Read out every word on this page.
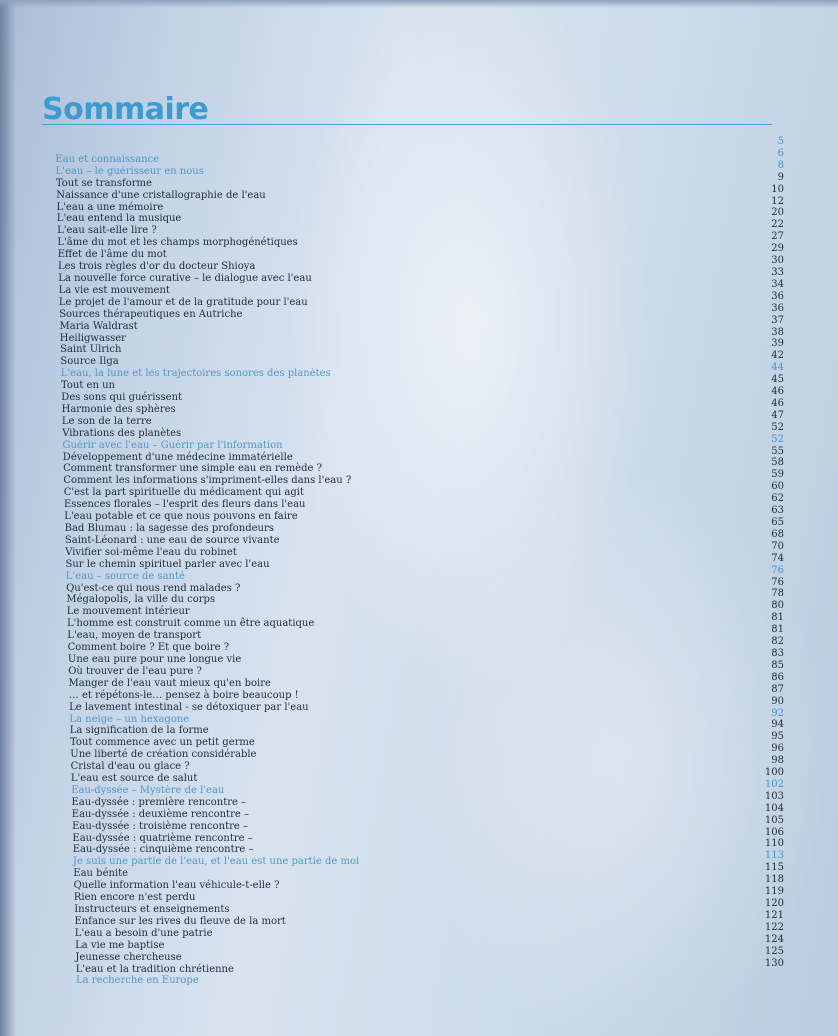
Sommaire
5
Eau et connaissance
6
L'eau – le guérisseur en nous
8
Tout se transforme
9
Naissance d'une cristallographie de l'eau
10
L'eau a une mémoire
12
L'eau entend la musique
20
L'eau sait-elle lire ?
22
L'âme du mot et les champs morphogénétiques
27
Effet de l'âme du mot
29
Les trois règles d'or du docteur Shioya
30
La nouvelle force curative – le dialogue avec l'eau
33
La vie est mouvement
34
Le projet de l'amour et de la gratitude pour l'eau
36
Sources thérapeutiques en Autriche
36
Maria Waldrast
37
Heiligwasser
38
Saint Ulrich
39
Source Ilga
42
L'eau, la lune et les trajectoires sonores des planètes
44
Tout en un
45
Des sons qui guérissent
46
Harmonie des sphères
46
Le son de la terre
47
Vibrations des planètes
52
Guérir avec l'eau – Guérir par l'information
52
Développement d'une médecine immatérielle
55
Comment transformer une simple eau en remède ?
58
Comment les informations s'impriment-elles dans l'eau ?
59
C'est la part spirituelle du médicament qui agit
60
Essences florales – l'esprit des fleurs dans l'eau
62
L'eau potable et ce que nous pouvons en faire
63
Bad Blumau : la sagesse des profondeurs
65
Saint-Léonard : une eau de source vivante
68
Vivifier soi-même l'eau du robinet
70
Sur le chemin spirituel parler avec l'eau
74
L'eau – source de santé
76
Qu'est-ce qui nous rend malades ?
76
Mégalopolis, la ville du corps
78
Le mouvement intérieur
80
L'homme est construit comme un être aquatique
81
L'eau, moyen de transport
81
Comment boire ? Et que boire ?
82
Une eau pure pour une longue vie
83
Où trouver de l'eau pure ?
85
Manger de l'eau vaut mieux qu'en boire
86
… et répétons-le… pensez à boire beaucoup !
87
Le lavement intestinal - se détoxiquer par l'eau
90
La neige – un hexagone
92
La signification de la forme
94
Tout commence avec un petit germe
95
Une liberté de création considérable
96
Cristal d'eau ou glace ?
98
L'eau est source de salut
100
Eau-dyssée – Mystère de l'eau
102
Eau-dyssée : première rencontre –
103
Eau-dyssée : deuxième rencontre –
104
Eau-dyssée : troisième rencontre –
105
Eau-dyssée : quatrième rencontre –
106
Eau-dyssée : cinquième rencontre –
110
Je suis une partie de l'eau, et l'eau est une partie de moi
113
Eau bénite
115
Quelle information l'eau véhicule-t-elle ?
118
Rien encore n'est perdu
119
Instructeurs et enseignements
120
Enfance sur les rives du fleuve de la mort
121
L'eau a besoin d'une patrie
122
La vie me baptise
124
Jeunesse chercheuse
125
L'eau et la tradition chrétienne
130
La recherche en Europe
